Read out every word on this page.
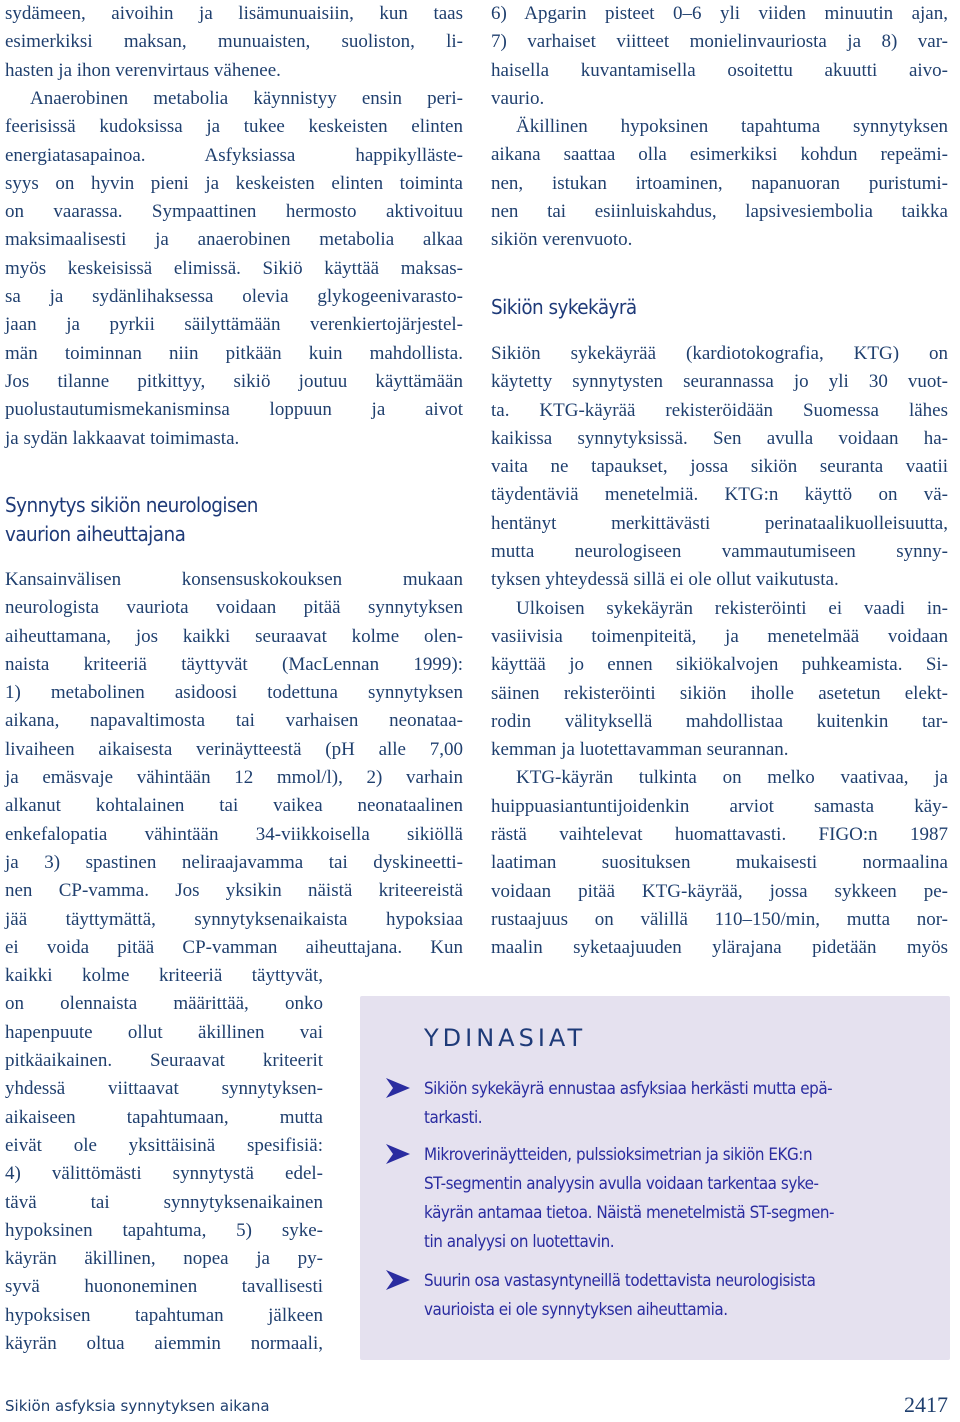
sydämeen, aivoihin ja lisämunuaisiin, kun taas
esimerkiksi maksan, munuaisten, suoliston, li-
hasten ja ihon verenvirtaus vähenee.
Anaerobinen metabolia käynnistyy ensin peri-
feerisissä kudoksissa ja tukee keskeisten elinten
energiatasapainoa. Asfyksiassa happikylläste-
syys on hyvin pieni ja keskeisten elinten toiminta
on vaarassa. Sympaattinen hermosto aktivoituu
maksimaalisesti ja anaerobinen metabolia alkaa
myös keskeisissä elimissä. Sikiö käyttää maksas-
sa ja sydänlihaksessa olevia glykogeenivarasto-
jaan ja pyrkii säilyttämään verenkiertojärjestel-
män toiminnan niin pitkään kuin mahdollista.
Jos tilanne pitkittyy, sikiö joutuu käyttämään
puolustautumismekanisminsa loppuun ja aivot
ja sydän lakkaavat toimimasta.
Synnytys sikiön neurologisen
vaurion aiheuttajana
Kansainvälisen konsensuskokouksen mukaan
neurologista vauriota voidaan pitää synnytyksen
aiheuttamana, jos kaikki seuraavat kolme olen-
naista kriteeriä täyttyvät (MacLennan 1999):
1) metabolinen asidoosi todettuna synnytyksen
aikana, napavaltimosta tai varhaisen neonataa-
livaiheen aikaisesta verinäytteestä (pH alle 7,00
ja emäsvaje vähintään 12 mmol/l), 2) varhain
alkanut kohtalainen tai vaikea neonataalinen
enkefalopatia vähintään 34-viikkoisella sikiöllä
ja 3) spastinen neliraajavamma tai dyskineetti-
nen CP-vamma. Jos yksikin näistä kriteereistä
jää täyttymättä, synnytyksenaikaista hypoksiaa
ei voida pitää CP-vamman aiheuttajana. Kun
kaikki kolme kriteeriä täyttyvät,
on olennaista määrittää, onko
hapenpuute ollut äkillinen vai
pitkäaikainen. Seuraavat kriteerit
yhdessä viittaavat synnytyksen-
aikaiseen tapahtumaan, mutta
eivät ole yksittäisinä spesifisiä:
4) välittömästi synnytystä edel-
tävä tai synnytyksenaikainen
hypoksinen tapahtuma, 5) syke-
käyrän äkillinen, nopea ja py-
syvä huononeminen tavallisesti
hypoksisen tapahtuman jälkeen
käyrän oltua aiemmin normaali,
6) Apgarin pisteet 0–6 yli viiden minuutin ajan,
7) varhaiset viitteet monielinvauriosta ja 8) var-
haisella kuvantamisella osoitettu akuutti aivo-
vaurio.
Äkillinen hypoksinen tapahtuma synnytyksen
aikana saattaa olla esimerkiksi kohdun repeämi-
nen, istukan irtoaminen, napanuoran puristumi-
nen tai esiinluiskahdus, lapsivesiembolia taikka
sikiön verenvuoto.
Sikiön sykekäyrä
Sikiön sykekäyrää (kardiotokografia, KTG) on
käytetty synnytysten seurannassa jo yli 30 vuot-
ta. KTG-käyrää rekisteröidään Suomessa lähes
kaikissa synnytyksissä. Sen avulla voidaan ha-
vaita ne tapaukset, jossa sikiön seuranta vaatii
täydentäviä menetelmiä. KTG:n käyttö on vä-
hentänyt merkittävästi perinataalikuolleisuutta,
mutta neurologiseen vammautumiseen synny-
tyksen yhteydessä sillä ei ole ollut vaikutusta.
Ulkoisen sykekäyrän rekisteröinti ei vaadi in-
vasiivisia toimenpiteitä, ja menetelmää voidaan
käyttää jo ennen sikiökalvojen puhkeamista. Si-
säinen rekisteröinti sikiön iholle asetetun elekt-
rodin välityksellä mahdollistaa kuitenkin tar-
kemman ja luotettavamman seurannan.
KTG-käyrän tulkinta on melko vaativaa, ja
huippuasiantuntijoidenkin arviot samasta käy-
rästä vaihtelevat huomattavasti. FIGO:n 1987
laatiman suosituksen mukaisesti normaalina
voidaan pitää KTG-käyrää, jossa sykkeen pe-
rustaajuus on välillä 110–150/min, mutta nor-
maalin syketaajuuden ylärajana pidetään myös
YDINASIAT
Sikiön sykekäyrä ennustaa asfyksiaa herkästi mutta epä-
tarkasti.
Mikroverinäytteiden, pulssioksimetrian ja sikiön EKG:n
ST-segmentin analyysin avulla voidaan tarkentaa syke-
käyrän antamaa tietoa. Näistä menetelmistä ST-segmen-
tin analyysi on luotettavin.
Suurin osa vastasyntyneillä todettavista neurologisista
vaurioista ei ole synnytyksen aiheuttamia.
Sikiön asfyksia synnytyksen aikana	2417
